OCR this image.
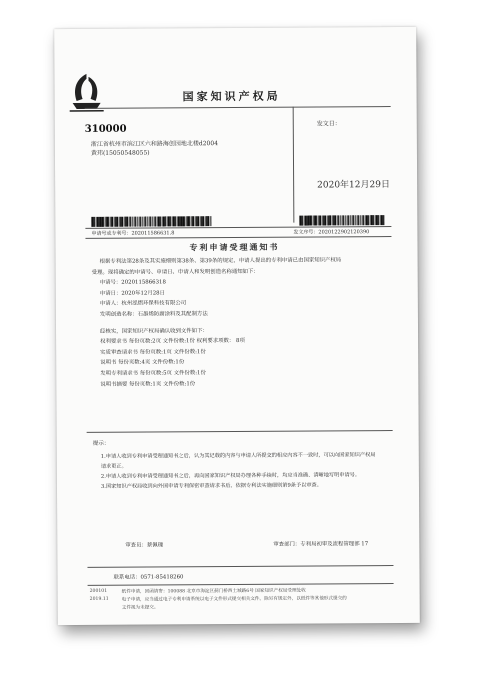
国家知识产权局
310000
浙江省杭州市滨江区六和路海创园地北楼d2004
黄玮(15050548055)
发文日：
2020年12月29日
申请号或专利号：202011586631.8	发文序号：2020122902120390
专利申请受理通知书
根据专利法第28条及其实施细则第38条、第39条的规定，申请人提出的专利申请已由国家知识产权局
受理。现将确定的申请号、申请日、申请人和发明创造名称通知如下：
申请号：2020115866318
申请日：2020年12月28日
申请人：杭州泓熠环保科技有限公司
发明创造名称：石墨烯防腐涂料及其配制方法
经核实，国家知识产权局确认收到文件如下：
权利要求书 每份页数:2页 文件份数:1份 权利要求项数： 8项
实质审查请求书 每份页数:1页 文件份数:1份
说明书 每份页数:4页 文件份数:1份
发明专利请求书 每份页数:5页 文件份数:1份
说明书摘要 每份页数:1页 文件份数:1份
提示：
1.申请人收到专利申请受理通知书之后，认为其记载的内容与申请人所提交的相应内容不一致时，可以向国家知识产权局
请求更正。
2.申请人收到专利申请受理通知书之后，再向国家知识产权局办理各种手续时，均应当准确、清晰地写明申请号。
3.国家知识产权局收到向外国申请专利保密审查请求书后，依据专利法实施细则第9条予以审查。
审查员：蔡佩瑰	审查部门：专利局初审及流程管理部 17
联系电话：0571-85418260
200101	纸件申请，回函请寄：100088 北京市海淀区蓟门桥西土城路6号 国家知识产权局受理处收
2019.11	电子申请，应当通过电子专利申请系统以电子文件形式提交相关文件。除另有规定外，以纸件等其他形式提交的
文件视为未提交。
